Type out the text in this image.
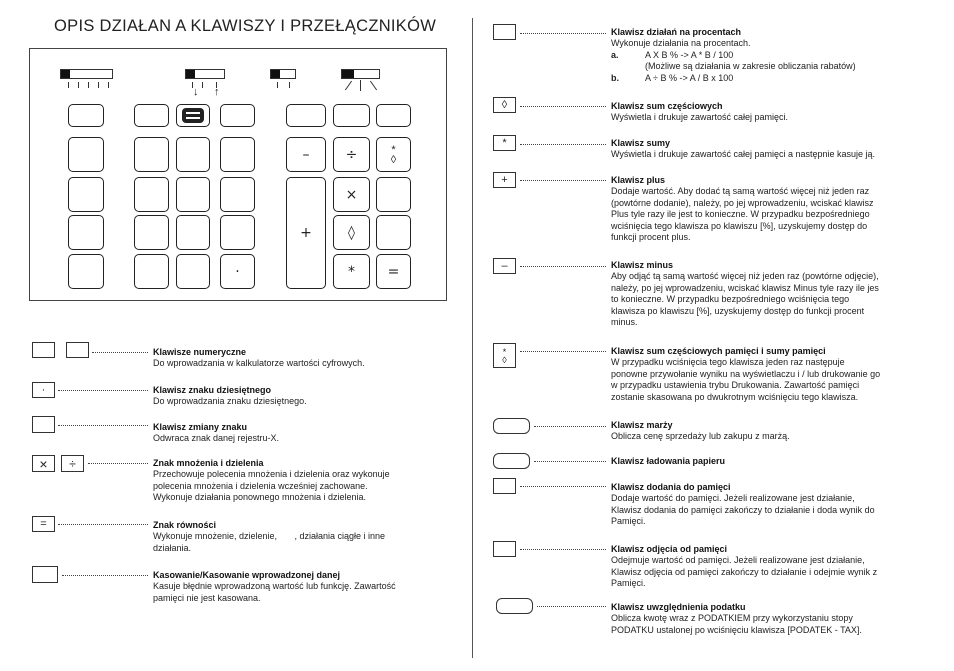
OPIS DZIAŁAN A KLAWISZY I PRZEŁĄCZNIKÓW
↓ ↑
·
–	÷	*
◊
+
×
◊
* =
Klawisze numeryczne
Do wprowadzania w kalkulatorze wartości cyfrowych.
·	Klawisz znaku dziesiętnego
Do wprowadzania znaku dziesiętnego.
Klawisz zmiany znaku
Odwraca znak danej rejestru-X.
× ÷	Znak mnożenia i dzielenia
Przechowuje polecenia mnożenia i dzielenia oraz wykonuje
polecenia mnożenia i dzielenia wcześniej zachowane.
Wykonuje działania ponownego mnożenia i dzielenia.
=	Znak równości
Wykonuje mnożenie, dzielenie,       , działania ciągłe i inne
działania.
Kasowanie/Kasowanie wprowadzonej danej
Kasuje błędnie wprowadzoną wartość lub funkcję. Zawartość
pamięci nie jest kasowana.
Klawisz działań na procentach
Wykonuje działania na procentach.
a.	A X B % -> A * B / 100
(Możliwe są działania w zakresie obliczania rabatów)
b.	A ÷ B % -> A / B x 100
◊	Klawisz sum częściowych
Wyświetla i drukuje zawartość całej pamięci.
*	Klawisz sumy
Wyświetla i drukuje zawartość całej pamięci a następnie kasuje ją.
+	Klawisz plus
Dodaje wartość. Aby dodać tą samą wartość więcej niż jeden raz
(powtórne dodanie), należy, po jej wprowadzeniu, wciskać klawisz
Plus tyle razy ile jest to konieczne. W przypadku bezpośredniego
wciśnięcia tego klawisza po klawiszu [%], uzyskujemy dostęp do
funkcji procent plus.
–	Klawisz minus
Aby odjąć tą samą wartość więcej niż jeden raz (powtórne odjęcie),
należy, po jej wprowadzeniu, wciskać klawisz Minus tyle razy ile jes
to konieczne. W przypadku bezpośredniego wciśnięcia tego
klawisza po klawiszu [%], uzyskujemy dostęp do funkcji procent
minus.
*
◊
Klawisz sum częściowych pamięci i sumy pamięci
W przypadku wciśnięcia tego klawisza jeden raz następuje
ponowne przywołanie wyniku na wyświetlaczu i / lub drukowanie go
w przypadku ustawienia trybu Drukowania. Zawartość pamięci
zostanie skasowana po dwukrotnym wciśnięciu tego klawisza.
Klawisz marży
Oblicza cenę sprzedaży lub zakupu z marżą.
Klawisz ładowania papieru
Klawisz dodania do pamięci
Dodaje wartość do pamięci. Jeżeli realizowane jest działanie,
Klawisz dodania do pamięci zakończy to działanie i doda wynik do
Pamięci.
Klawisz odjęcia od pamięci
Odejmuje wartość od pamięci. Jeżeli realizowane jest działanie,
Klawisz odjęcia od pamięci zakończy to działanie i odejmie wynik z
Pamięci.
Klawisz uwzględnienia podatku
Oblicza kwotę wraz z PODATKIEM przy wykorzystaniu stopy
PODATKU ustalonej po wciśnięciu klawisza [PODATEK - TAX].
